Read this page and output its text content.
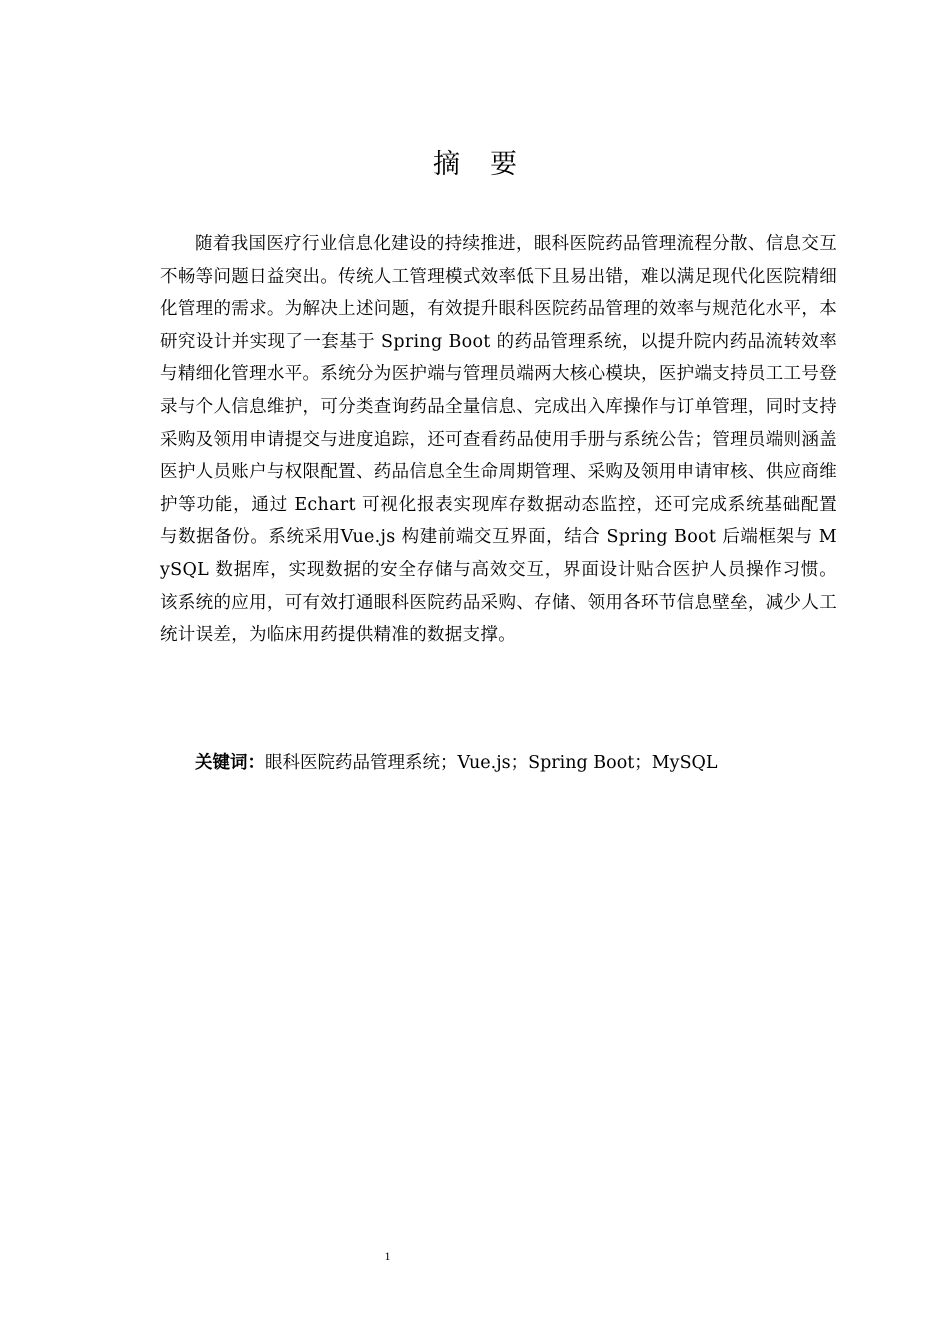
摘 要

随着我国医疗行业信息化建设的持续推进，眼科医院药品管理流程分散、信息交互不畅等问题日益突出。传统人工管理模式效率低下且易出错，难以满足现代化医院精细化管理的需求。为解决上述问题，有效提升眼科医院药品管理的效率与规范化水平，本研究设计并实现了一套基于 Spring Boot 的药品管理系统，以提升院内药品流转效率与精细化管理水平。系统分为医护端与管理员端两大核心模块，医护端支持员工工号登录与个人信息维护，可分类查询药品全量信息、完成出入库操作与订单管理，同时支持采购及领用申请提交与进度追踪，还可查看药品使用手册与系统公告；管理员端则涵盖医护人员账户与权限配置、药品信息全生命周期管理、采购及领用申请审核、供应商维护等功能，通过 Echart 可视化报表实现库存数据动态监控，还可完成系统基础配置与数据备份。系统采用Vue.js 构建前端交互界面，结合 Spring Boot 后端框架与 MySQL 数据库，实现数据的安全存储与高效交互，界面设计贴合医护人员操作习惯。该系统的应用，可有效打通眼科医院药品采购、存储、领用各环节信息壁垒，减少人工统计误差，为临床用药提供精准的数据支撑。

关键词：眼科医院药品管理系统；Vue.js；Spring Boot；MySQL

1
